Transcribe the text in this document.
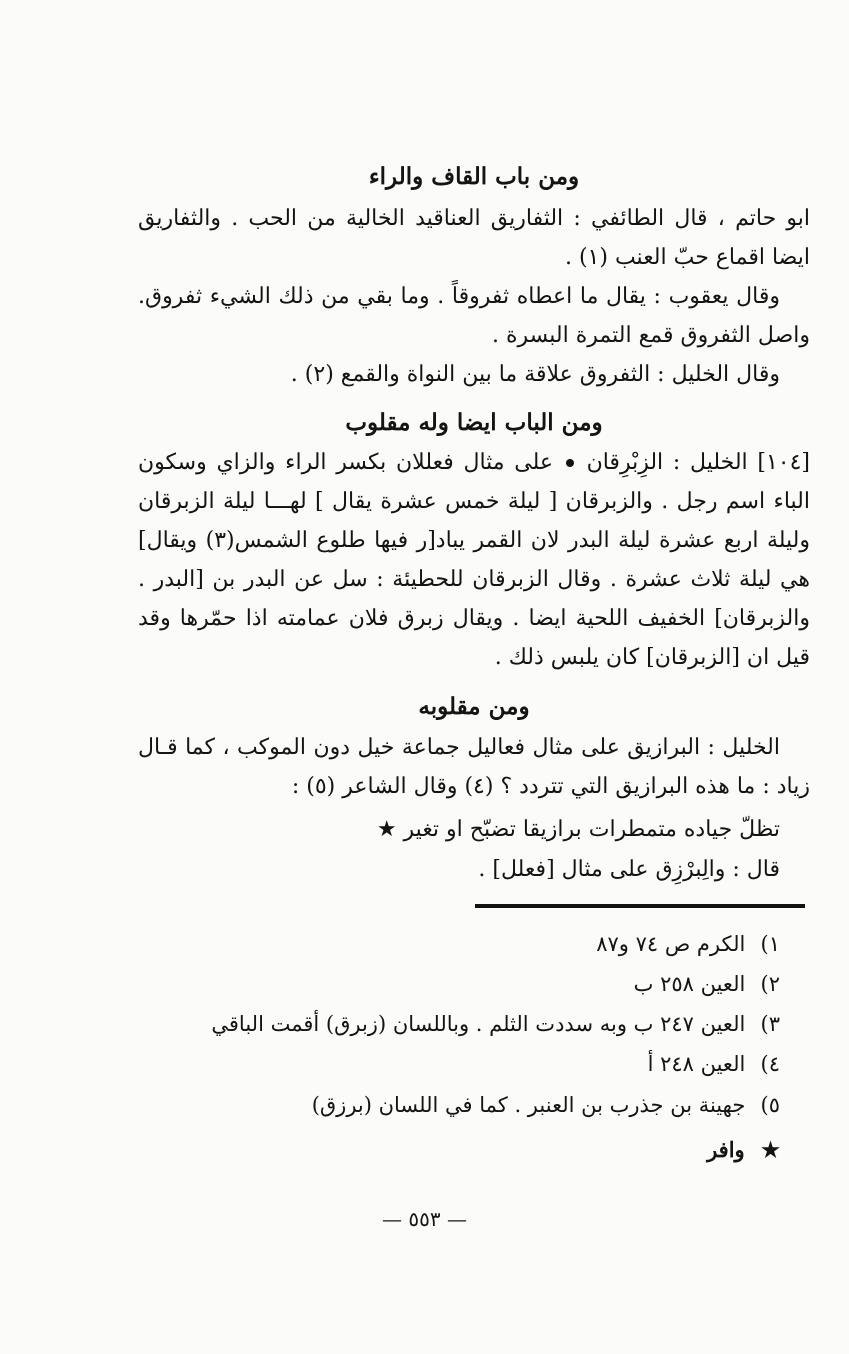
ومن باب القاف والراء

ابو حاتم ، قال الطائفي : الثفاريق العناقيد الخالية من الحب . والثفاريق ايضا اقماع حبّ العنب (١) .

وقال يعقوب : يقال ما اعطاه ثفروقاً . وما بقي من ذلك الشيء ثفروق. واصل الثفروق قمع التمرة البسرة .

وقال الخليل : الثفروق علاقة ما بين النواة والقمع (٢) .

ومن الباب ايضا وله مقلوب

[١٠٤] الخليل : الزِبْرِقان  على مثال فعللان بكسر الراء والزاي وسكون الباء اسم رجل . والزبرقان [ ليلة خمس عشرة يقال ] لهـــا ليلة الزبرقان وليلة اربع عشرة ليلة البدر لان القمر يباد[ر فيها طلوع الشمس(٣) ويقال] هي ليلة ثلاث عشرة . وقال الزبرقان للحطيئة : سل عن البدر بن [البدر . والزبرقان] الخفيف اللحية ايضا . ويقال زبرق فلان عمامته اذا حمّرها وقد قيل ان [الزبرقان] كان يلبس ذلك .

ومن مقلوبه

الخليل : البرازيق على مثال فعاليل جماعة خيل دون الموكب ، كما قـال زياد : ما هذه البرازيق التي تتردد ؟ (٤) وقال الشاعر (٥) :

تظلّ جياده متمطرات برازيقا تضبّح او تغير ★
قال : والِبرْزِق على مثال [فعلل] .
١) الكرم ص ٧٤ و٨٧
٢) العين ٢٥٨ ب
٣) العين ٢٤٧ ب وبه سددت الثلم . وباللسان (زبرق) أقمت الباقي
٤) العين ٢٤٨ أ
٥) جهينة بن جذرب بن العنبر . كما في اللسان (برزق)
★ وافر
— ٥٥٣ —
